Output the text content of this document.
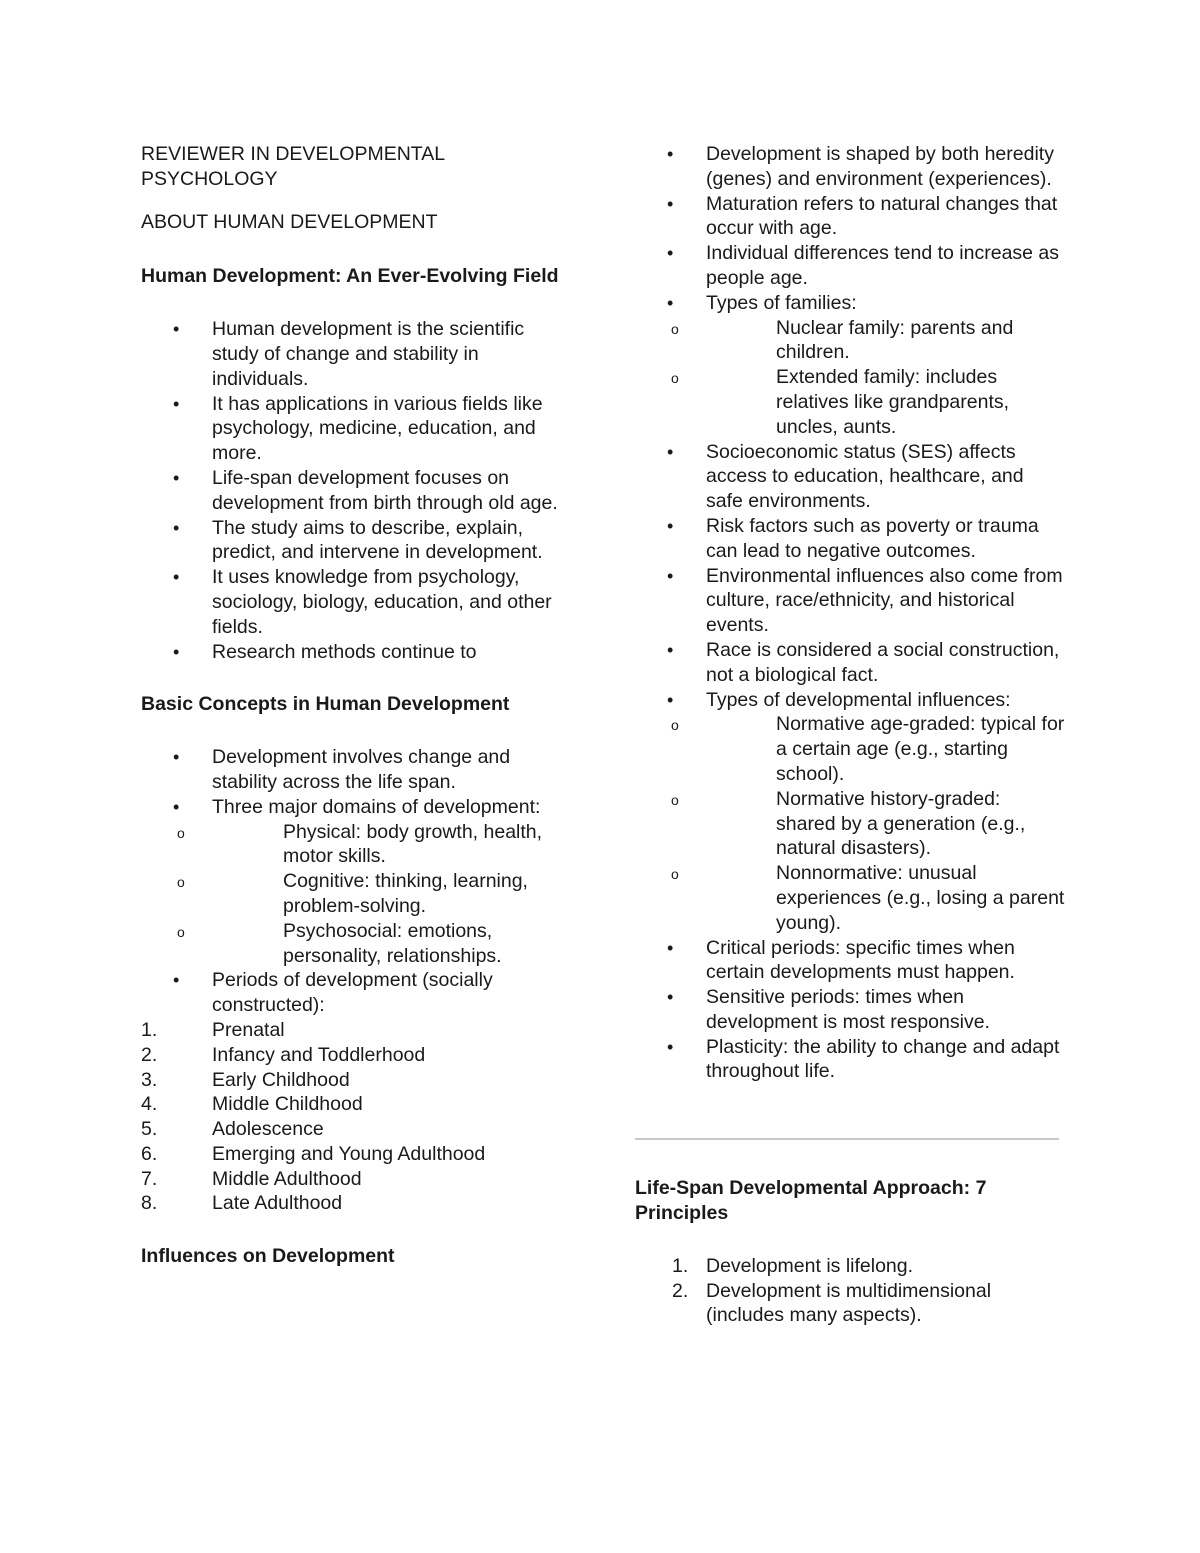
REVIEWER IN DEVELOPMENTAL

PSYCHOLOGY

ABOUT HUMAN DEVELOPMENT

Human Development: An Ever-Evolving Field

• Human development is the scientific study of change and stability in individuals.
• It has applications in various fields like psychology, medicine, education, and more.
• Life-span development focuses on development from birth through old age.
• The study aims to describe, explain, predict, and intervene in development.
• It uses knowledge from psychology, sociology, biology, education, and other fields.
• Research methods continue to

Basic Concepts in Human Development

• Development involves change and stability across the life span.
• Three major domains of development:
o Physical: body growth, health, motor skills.
o Cognitive: thinking, learning, problem-solving.
o Psychosocial: emotions, personality, relationships.
• Periods of development (socially constructed):
1.	Prenatal
2.	Infancy and Toddlerhood
3.	Early Childhood
4.	Middle Childhood
5.	Adolescence
6.	Emerging and Young Adulthood
7.	Middle Adulthood
8.	Late Adulthood

Influences on Development

• Development is shaped by both heredity (genes) and environment (experiences).
• Maturation refers to natural changes that occur with age.
• Individual differences tend to increase as people age.
• Types of families:
o Nuclear family: parents and children.
o Extended family: includes relatives like grandparents, uncles, aunts.
• Socioeconomic status (SES) affects access to education, healthcare, and safe environments.
• Risk factors such as poverty or trauma can lead to negative outcomes.
• Environmental influences also come from culture, race/ethnicity, and historical events.
• Race is considered a social construction, not a biological fact.
• Types of developmental influences:
o Normative age-graded: typical for a certain age (e.g., starting school).
o Normative history-graded: shared by a generation (e.g., natural disasters).
o Nonnormative: unusual experiences (e.g., losing a parent young).
• Critical periods: specific times when certain developments must happen.
• Sensitive periods: times when development is most responsive.
• Plasticity: the ability to change and adapt throughout life.

Life-Span Developmental Approach: 7 Principles

1. Development is lifelong.
2. Development is multidimensional (includes many aspects).
